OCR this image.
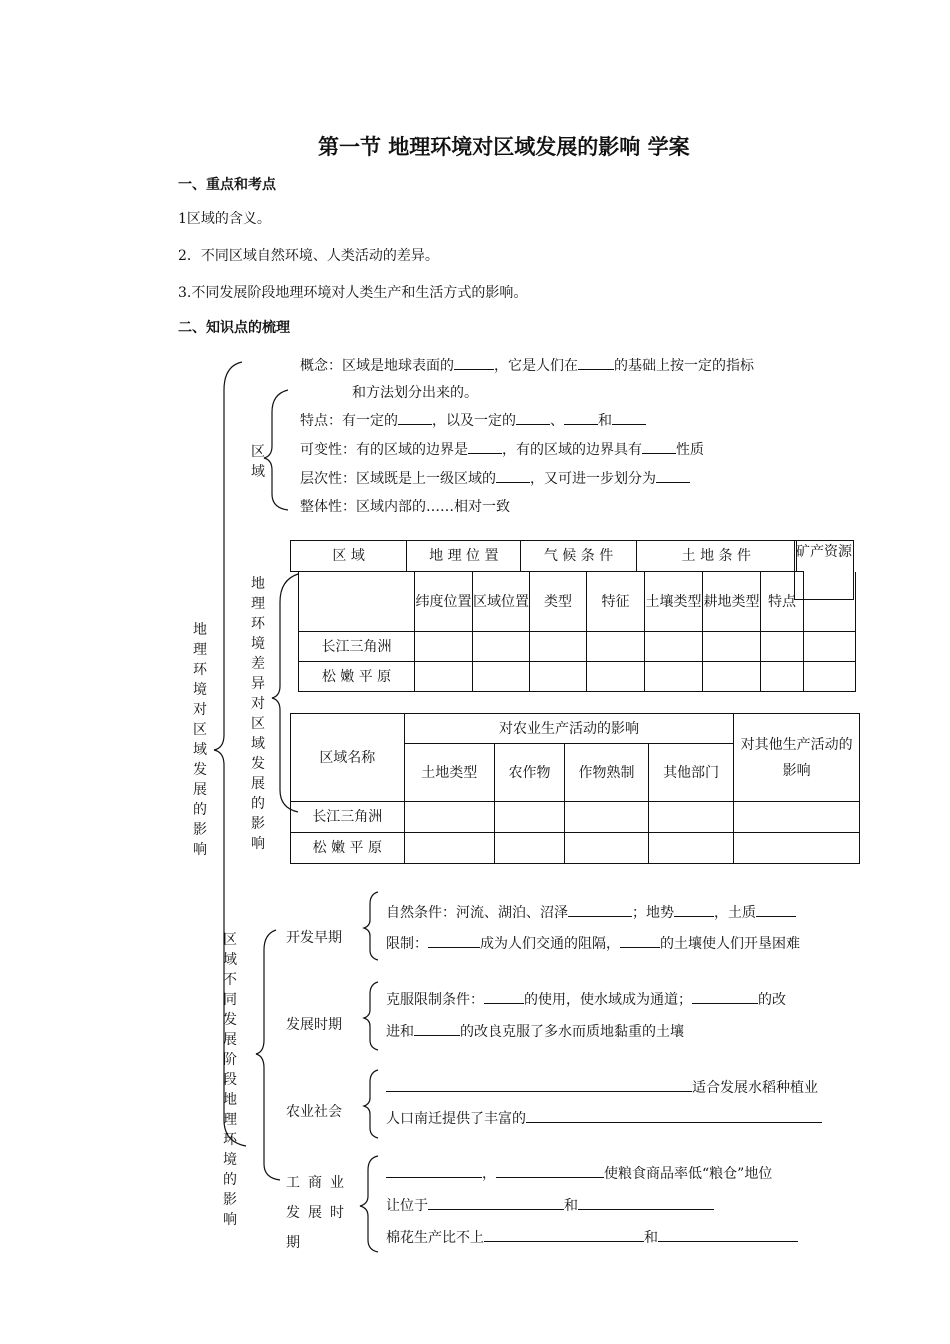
第一节 地理环境对区域发展的影响 学案
一、重点和考点
1区域的含义。
2．不同区域自然环境、人类活动的差异。
3.不同发展阶段地理环境对人类生产和生活方式的影响。
二、知识点的梳理
地理环境对区域发展的影响
区域
概念：区域是地球表面的	，它是人们在	的基础上按一定的指标
和方法划分出来的。
特点：有一定的 ，以及一定的 、 和
可变性：有的区域的边界是 ，有的区域的边界具有 性质
层次性：区域既是上一级区域的 ，又可进一步划分为
整体性：区域内部的……相对一致
地理环境差异对区域发展的影响
区 域	地 理 位 置	气 候 条 件	土 地 条 件	矿产资源
	纬度位置	区域位置	类型	特征	土壤类型	耕地类型	特点	
长江三角洲								
松 嫩 平 原								
区域名称	对农业生产活动的影响				对其他生产活动的影响
	土地类型	农作物	作物熟制	其他部门	
长江三角洲					
松 嫩 平 原					
区域不同发展阶段地理环境的影响
开发早期
自然条件：河流、湖泊、沼泽	；地势	，土质
限制：	成为人们交通的阻隔，	的土壤使人们开垦困难
发展时期
克服限制条件：	的使用，使水域成为通道；	的改
进和	的改良克服了多水而质地黏重的土壤
农业社会
适合发展水稻种植业
人口南迁提供了丰富的
工商业发展时期
，	使粮食商品率低“粮仓”地位
让位于	和
棉花生产比不上	和
